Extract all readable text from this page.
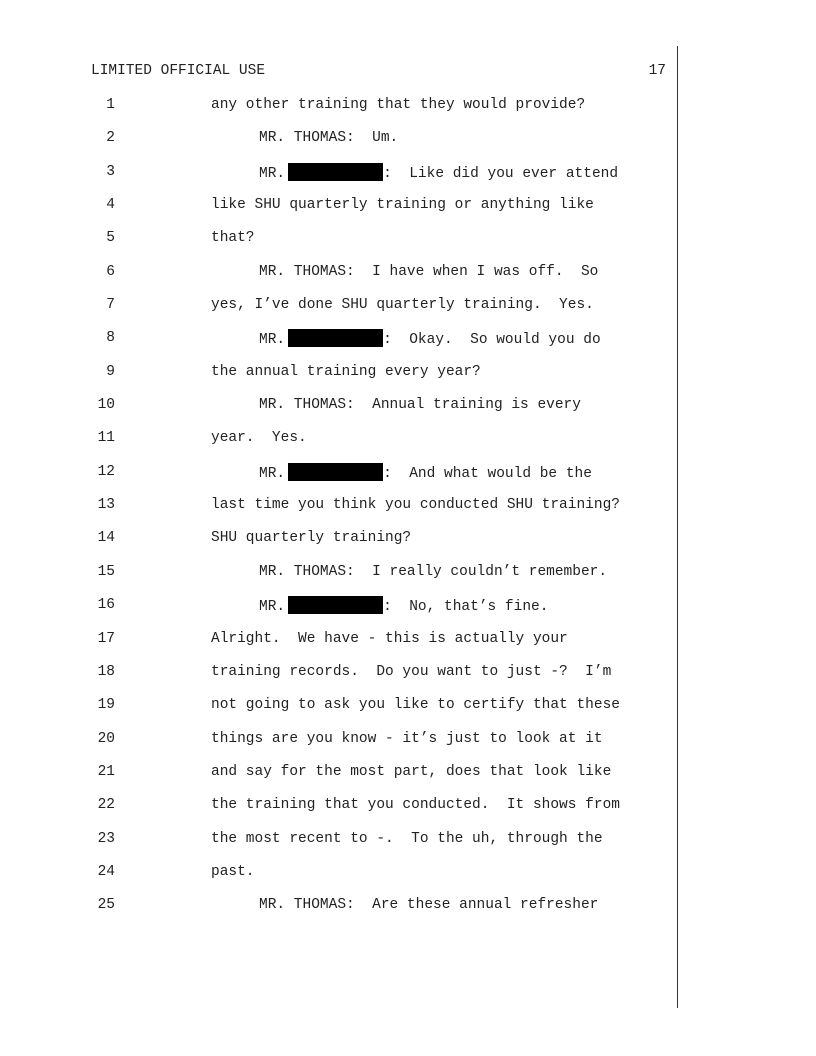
LIMITED OFFICIAL USE	17
1	any other training that they would provide?
2	MR. THOMAS:  Um.
3	MR.	:  Like did you ever attend
4	like SHU quarterly training or anything like
5	that?
6	MR. THOMAS:  I have when I was off.  So
7	yes, I’ve done SHU quarterly training.  Yes.
8	MR.	:  Okay.  So would you do
9	the annual training every year?
10	MR. THOMAS:  Annual training is every
11	year.  Yes.
12	MR.	:  And what would be the
13	last time you think you conducted SHU training?
14	SHU quarterly training?
15	MR. THOMAS:  I really couldn’t remember.
16	MR.	:  No, that’s fine.
17	Alright.  We have - this is actually your
18	training records.  Do you want to just -?  I’m
19	not going to ask you like to certify that these
20	things are you know - it’s just to look at it
21	and say for the most part, does that look like
22	the training that you conducted.  It shows from
23	the most recent to -.  To the uh, through the
24	past.
25	MR. THOMAS:  Are these annual refresher
